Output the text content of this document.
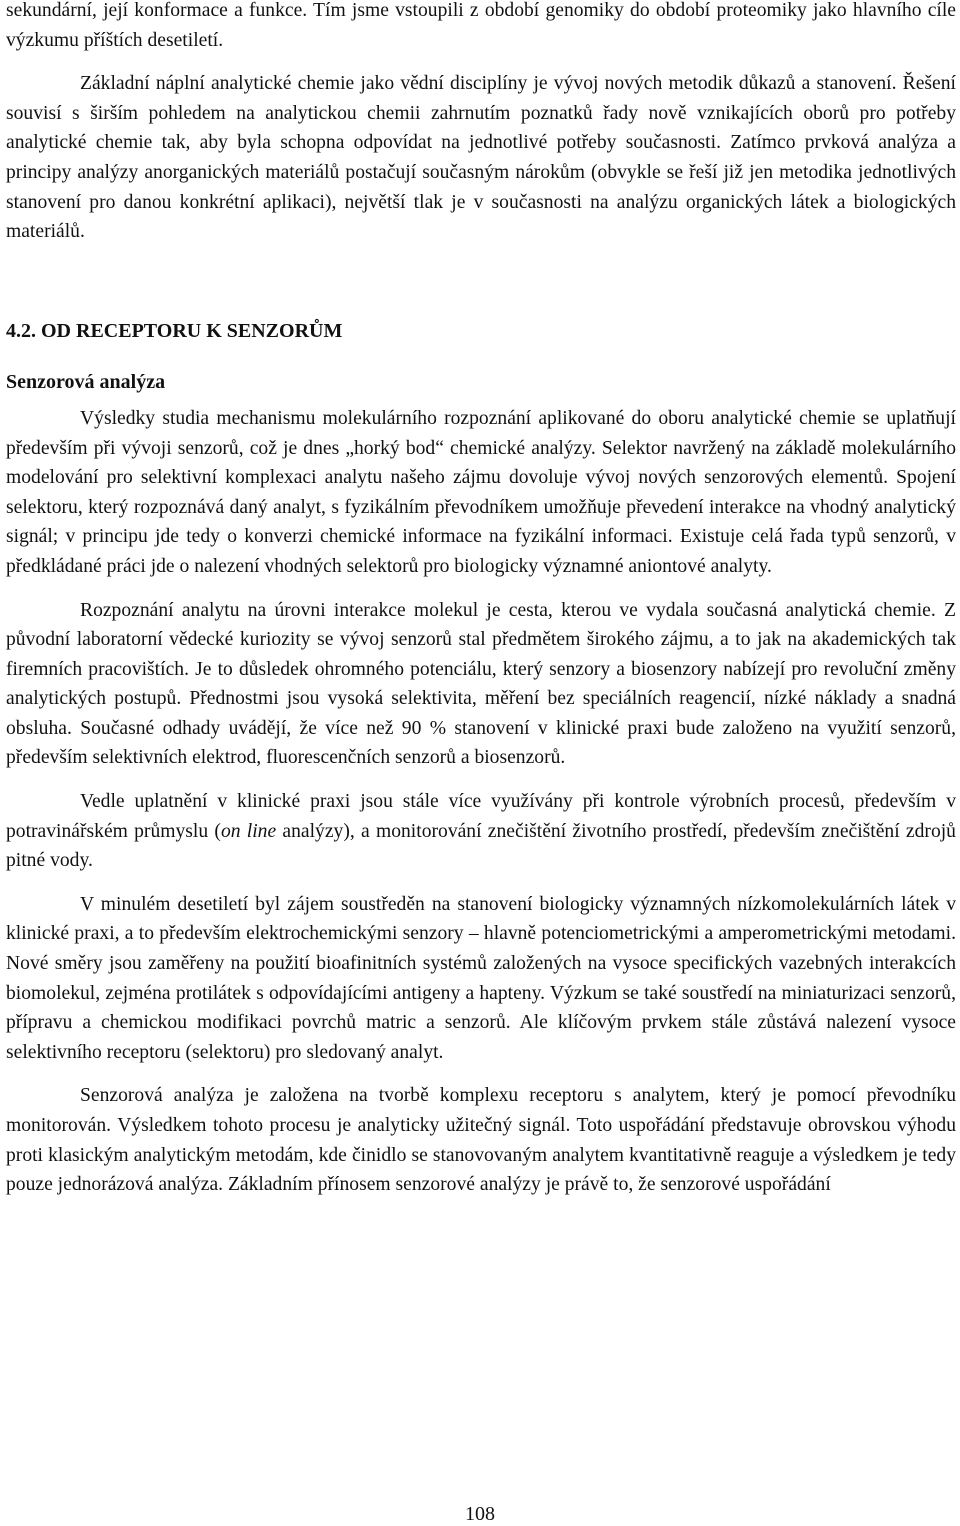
sekundární, její konformace a funkce. Tím jsme vstoupili z období genomiky do období proteomiky jako hlavního cíle výzkumu příštích desetiletí.

Základní náplní analytické chemie jako vědní disciplíny je vývoj nových metodik důkazů a stanovení. Řešení souvisí s širším pohledem na analytickou chemii zahrnutím poznatků řady nově vznikajících oborů pro potřeby analytické chemie tak, aby byla schopna odpovídat na jednotlivé potřeby současnosti. Zatímco prvková analýza a principy analýzy anorganických materiálů postačují současným nárokům (obvykle se řeší již jen metodika jednotlivých stanovení pro danou konkrétní aplikaci), největší tlak je v současnosti na analýzu organických látek a biologických materiálů.

4.2. OD RECEPTORU K SENZORŮM
Senzorová analýza

Výsledky studia mechanismu molekulárního rozpoznání aplikované do oboru analytické chemie se uplatňují především při vývoji senzorů, což je dnes „horký bod“ chemické analýzy. Selektor navržený na základě molekulárního modelování pro selektivní komplexaci analytu našeho zájmu dovoluje vývoj nových senzorových elementů. Spojení selektoru, který rozpoznává daný analyt, s fyzikálním převodníkem umožňuje převedení interakce na vhodný analytický signál; v principu jde tedy o konverzi chemické informace na fyzikální informaci. Existuje celá řada typů senzorů, v předkládané práci jde o nalezení vhodných selektorů pro biologicky významné aniontové analyty.

Rozpoznání analytu na úrovni interakce molekul je cesta, kterou ve vydala současná analytická chemie. Z původní laboratorní vědecké kuriozity se vývoj senzorů stal předmětem širokého zájmu, a to jak na akademických tak firemních pracovištích. Je to důsledek ohromného potenciálu, který senzory a biosenzory nabízejí pro revoluční změny analytických postupů. Přednostmi jsou vysoká selektivita, měření bez speciálních reagencií, nízké náklady a snadná obsluha. Současné odhady uvádějí, že více než 90 % stanovení v klinické praxi bude založeno na využití senzorů, především selektivních elektrod, fluorescenčních senzorů a biosenzorů.

Vedle uplatnění v klinické praxi jsou stále více využívány při kontrole výrobních procesů, především v potravinářském průmyslu (on line analýzy), a monitorování znečištění životního prostředí, především znečištění zdrojů pitné vody.

V minulém desetiletí byl zájem soustředěn na stanovení biologicky významných nízkomolekulárních látek v klinické praxi, a to především elektrochemickými senzory – hlavně potenciometrickými a amperometrickými metodami. Nové směry jsou zaměřeny na použití bioafinitních systémů založených na vysoce specifických vazebných interakcích biomolekul, zejména protilátek s odpovídajícími antigeny a hapteny. Výzkum se také soustředí na miniaturizaci senzorů, přípravu a chemickou modifikaci povrchů matric a senzorů. Ale klíčovým prvkem stále zůstává nalezení vysoce selektivního receptoru (selektoru) pro sledovaný analyt.

Senzorová analýza je založena na tvorbě komplexu receptoru s analytem, který je pomocí převodníku monitorován. Výsledkem tohoto procesu je analyticky užitečný signál. Toto uspořádání představuje obrovskou výhodu proti klasickým analytickým metodám, kde činidlo se stanovovaným analytem kvantitativně reaguje a výsledkem je tedy pouze jednorázová analýza. Základním přínosem senzorové analýzy je právě to, že senzorové uspořádání

108
